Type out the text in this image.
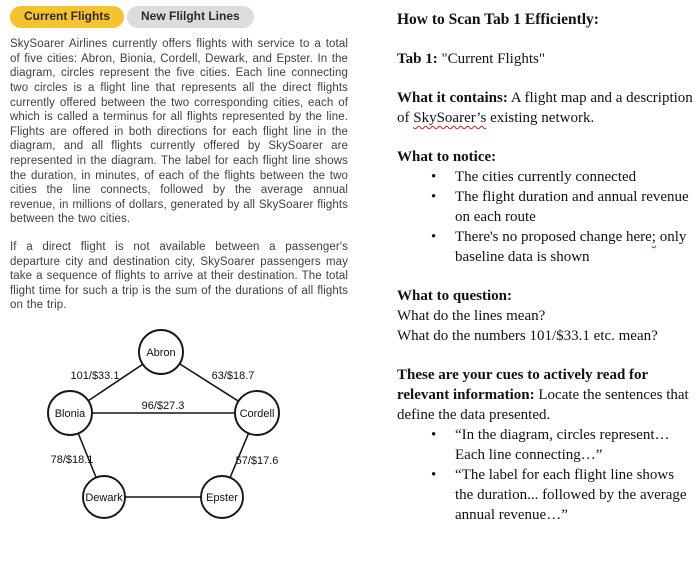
Current Flights	New Flilght Lines

SkySoarer Airlines currently offers flights with service to a total of five cities: Abron, Bionia, Cordell, Dewark, and Epster. In the diagram, circles represent the five cities. Each line connecting two circles is a flight line that represents all the direct flights currently offered between the two corresponding cities, each of which is called a terminus for all flights represented by the line. Flights are offered in both directions for each flight line in the diagram, and all flights currently offered by SkySoarer are represented in the diagram. The label for each flight line shows the duration, in minutes, of each of the flights between the two cities the line connects, followed by the average annual revenue, in millions of dollars, generated by all SkySoarer flights between the two cities.

If a direct flight is not available between a passenger's departure city and destination city, SkySoarer passengers may take a sequence of flights to arrive at their destination. The total flight time for such a trip is the sum of the durations of all flights on the trip.

101/$33.1	63/$18.7
96/$27.3
78/$18.1	57/$17.6
Abron
Blonia	Cordell
Dewark	Epster

How to Scan Tab 1 Efficiently:

Tab 1: "Current Flights"

What it contains: A flight map and a description of SkySoarer’s existing network.

What to notice:

• The cities currently connected
• The flight duration and annual revenue on each route
• There's no proposed change here; only baseline data is shown

What to question:

What do the lines mean?

What do the numbers 101/$33.1 etc. mean?

These are your cues to actively read for relevant information: Locate the sentences that define the data presented.

• “In the diagram, circles represent… Each line connecting…”
• “The label for each flight line shows the duration... followed by the average annual revenue…”
